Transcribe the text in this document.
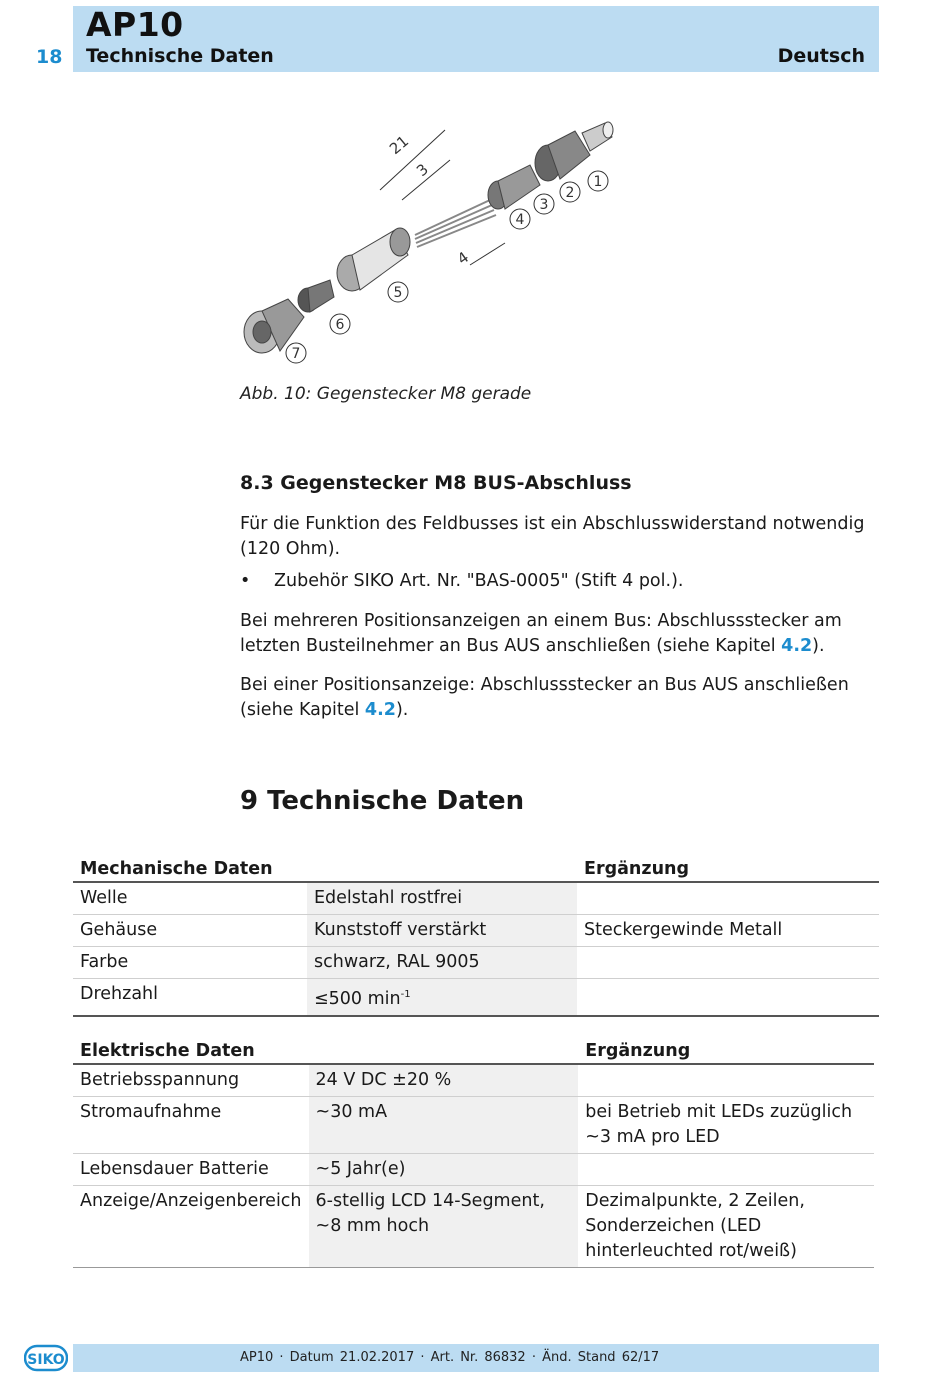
18
AP10
Technische Daten	Deutsch
21
3
4
1
2
3
4
5
6
7
Abb. 10: Gegenstecker M8 gerade
8.3 Gegenstecker M8 BUS-Abschluss
Für die Funktion des Feldbusses ist ein Abschlusswiderstand notwendig (120 Ohm).
• Zubehör SIKO Art. Nr. "BAS-0005" (Stift 4 pol.).
Bei mehreren Positionsanzeigen an einem Bus: Abschlussstecker am letzten Busteilnehmer an Bus AUS anschließen (siehe Kapitel 4.2).
Bei einer Positionsanzeige: Abschlussstecker an Bus AUS anschließen (siehe Kapitel 4.2).
9 Technische Daten
Mechanische Daten		Ergänzung
Welle	Edelstahl rostfrei	
Gehäuse	Kunststoff verstärkt	Steckergewinde Metall
Farbe	schwarz, RAL 9005	
Drehzahl	≤500 $\min^{-1}$	
Elektrische Daten		Ergänzung
Betriebsspannung	24 V DC ±20 %	
Stromaufnahme	~30 mA	bei Betrieb mit LEDs zuzüglich ~3 mA pro LED
Lebensdauer Batterie	~5 Jahr(e)	
Anzeige/Anzeigenbereich	6-stellig LCD 14-Segment, ~8 mm hoch	Dezimalpunkte, 2 Zeilen, Sonderzeichen (LED hinterleuchted rot/weiß)
SIKO	AP10 · Datum 21.02.2017 · Art. Nr. 86832 · Änd. Stand 62/17
